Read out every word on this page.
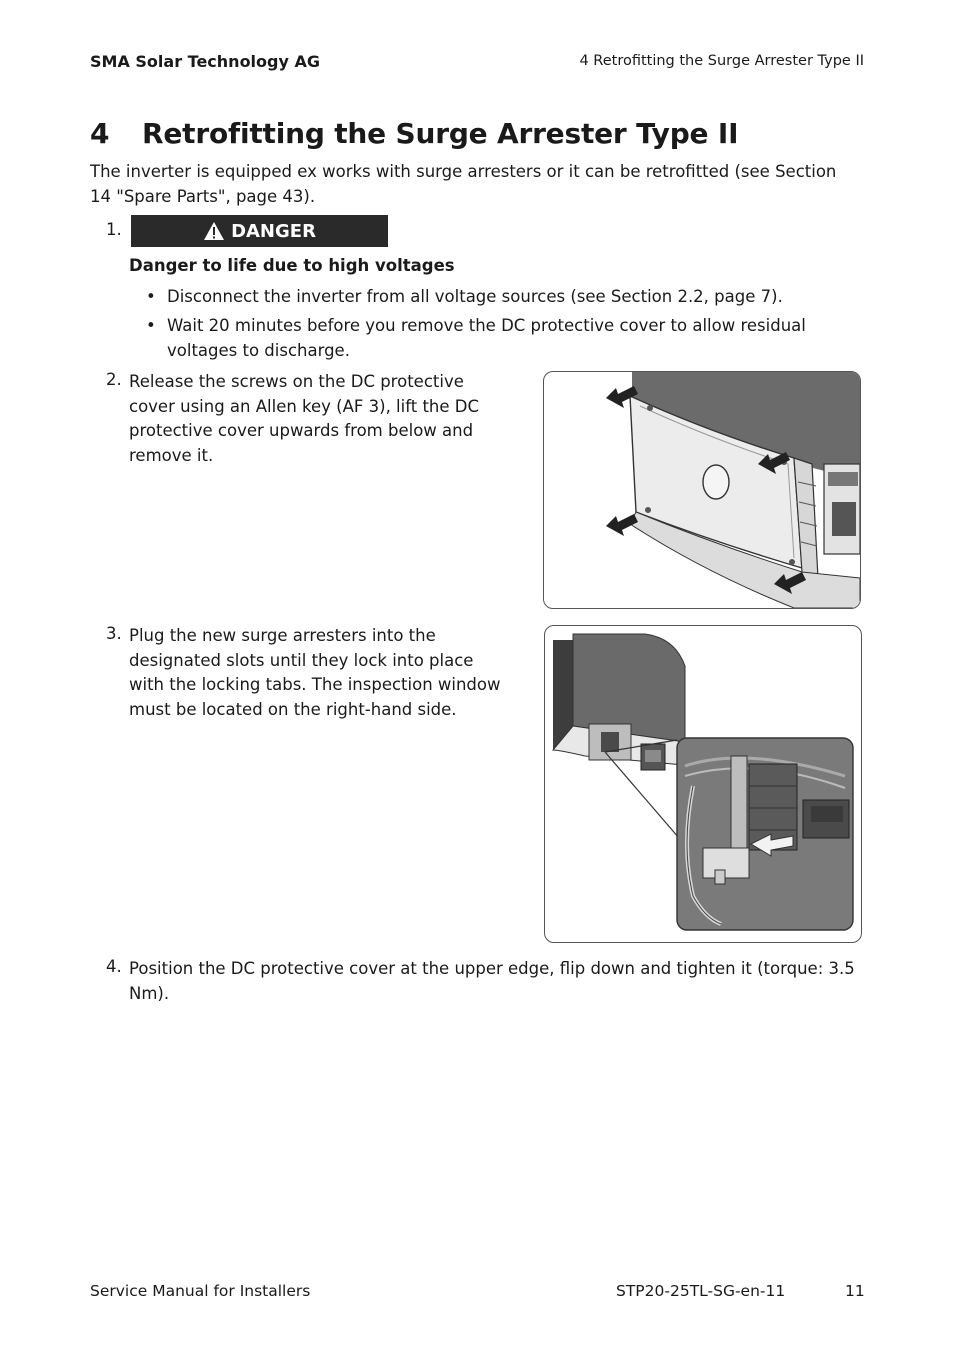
SMA Solar Technology AG	4 Retrofitting the Surge Arrester Type II
4 Retrofitting the Surge Arrester Type II
The inverter is equipped ex works with surge arresters or it can be retrofitted (see Section 14 "Spare Parts", page 43).
1.	DANGER
Danger to life due to high voltages
• Disconnect the inverter from all voltage sources (see Section 2.2, page 7).
• Wait 20 minutes before you remove the DC protective cover to allow residual voltages to discharge.
2. Release the screws on the DC protective cover using an Allen key (AF 3), lift the DC protective cover upwards from below and remove it.
3. Plug the new surge arresters into the designated slots until they lock into place with the locking tabs. The inspection window must be located on the right-hand side.
4. Position the DC protective cover at the upper edge, flip down and tighten it (torque: 3.5 Nm).
Service Manual for Installers	STP20-25TL-SG-en-11	11
